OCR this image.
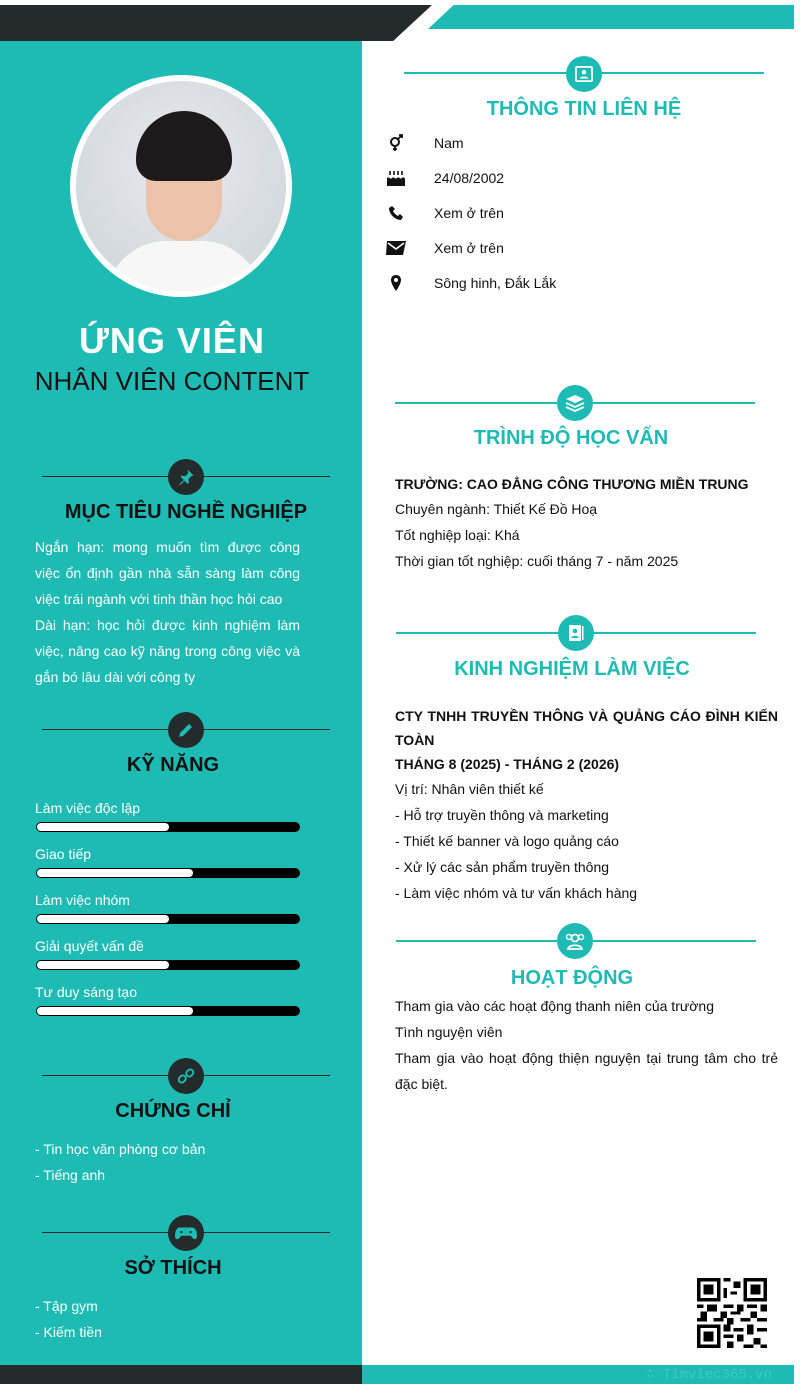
∴ Timviec365.vn
ỨNG VIÊN
NHÂN VIÊN CONTENT
MỤC TIÊU NGHỀ NGHIỆP
Ngắn hạn: mong muốn tìm được công việc ổn định gần nhà sẵn sàng làm công việc trái ngành với tinh thần học hỏi cao
Dài hạn: học hỏi được kinh nghiệm làm việc, nâng cao kỹ năng trong công việc và gắn bó lâu dài với công ty
KỸ NĂNG
Làm việc độc lập
Giao tiếp
Làm việc nhóm
Giải quyết vấn đề
Tư duy sáng tạo
CHỨNG CHỈ
- Tin học văn phòng cơ bản
- Tiếng anh
SỞ THÍCH
- Tập gym
- Kiếm tiền
THÔNG TIN LIÊN HỆ
Nam
24/08/2002
Xem ở trên
Xem ở trên
Sông hinh, Đắk Lắk
TRÌNH ĐỘ HỌC VẤN
TRƯỜNG: CAO ĐẲNG CÔNG THƯƠNG MIỀN TRUNG
Chuyên ngành: Thiết Kế Đồ Hoạ
Tốt nghiệp loại: Khá
Thời gian tốt nghiệp: cuối tháng 7 - năm 2025
KINH NGHIỆM LÀM VIỆC
CTY TNHH TRUYỀN THÔNG VÀ QUẢNG CÁO ĐÌNH KIẾN TOÀN
THÁNG 8 (2025) - THÁNG 2 (2026)
Vị trí: Nhân viên thiết kế
- Hỗ trợ truyền thông và marketing
- Thiết kế banner và logo quảng cáo
- Xử lý các sản phẩm truyền thông
- Làm việc nhóm và tư vấn khách hàng
HOẠT ĐỘNG
Tham gia vào các hoạt động thanh niên của trường
Tình nguyện viên
Tham gia vào hoạt động thiện nguyện tại trung tâm cho trẻ đặc biệt.
